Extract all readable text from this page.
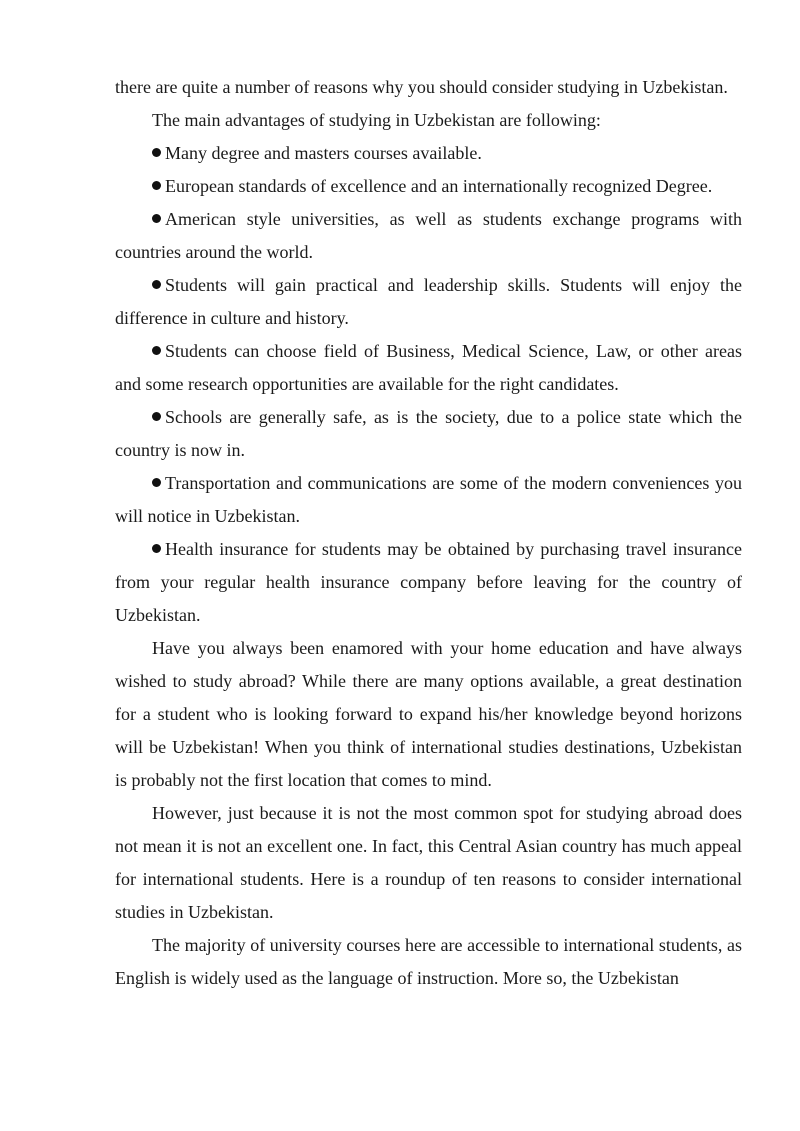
there are quite a number of reasons why you should consider studying in Uzbekistan.

The main advantages of studying in Uzbekistan are following:

Many degree and masters courses available.

European standards of excellence and an internationally recognized Degree.

American style universities, as well as students exchange programs with countries around the world.

Students will gain practical and leadership skills. Students will enjoy the difference in culture and history.

Students can choose field of Business, Medical Science, Law, or other areas and some research opportunities are available for the right candidates.

Schools are generally safe, as is the society, due to a police state which the country is now in.

Transportation and communications are some of the modern conveniences you will notice in Uzbekistan.

Health insurance for students may be obtained by purchasing travel insurance from your regular health insurance company before leaving for the country of Uzbekistan.

Have you always been enamored with your home education and have always wished to study abroad? While there are many options available, a great destination for a student who is looking forward to expand his/her knowledge beyond horizons will be Uzbekistan! When you think of international studies destinations, Uzbekistan is probably not the first location that comes to mind.

However, just because it is not the most common spot for studying abroad does not mean it is not an excellent one. In fact, this Central Asian country has much appeal for international students. Here is a roundup of ten reasons to consider international studies in Uzbekistan.

The majority of university courses here are accessible to international students, as English is widely used as the language of instruction. More so, the Uzbekistan
